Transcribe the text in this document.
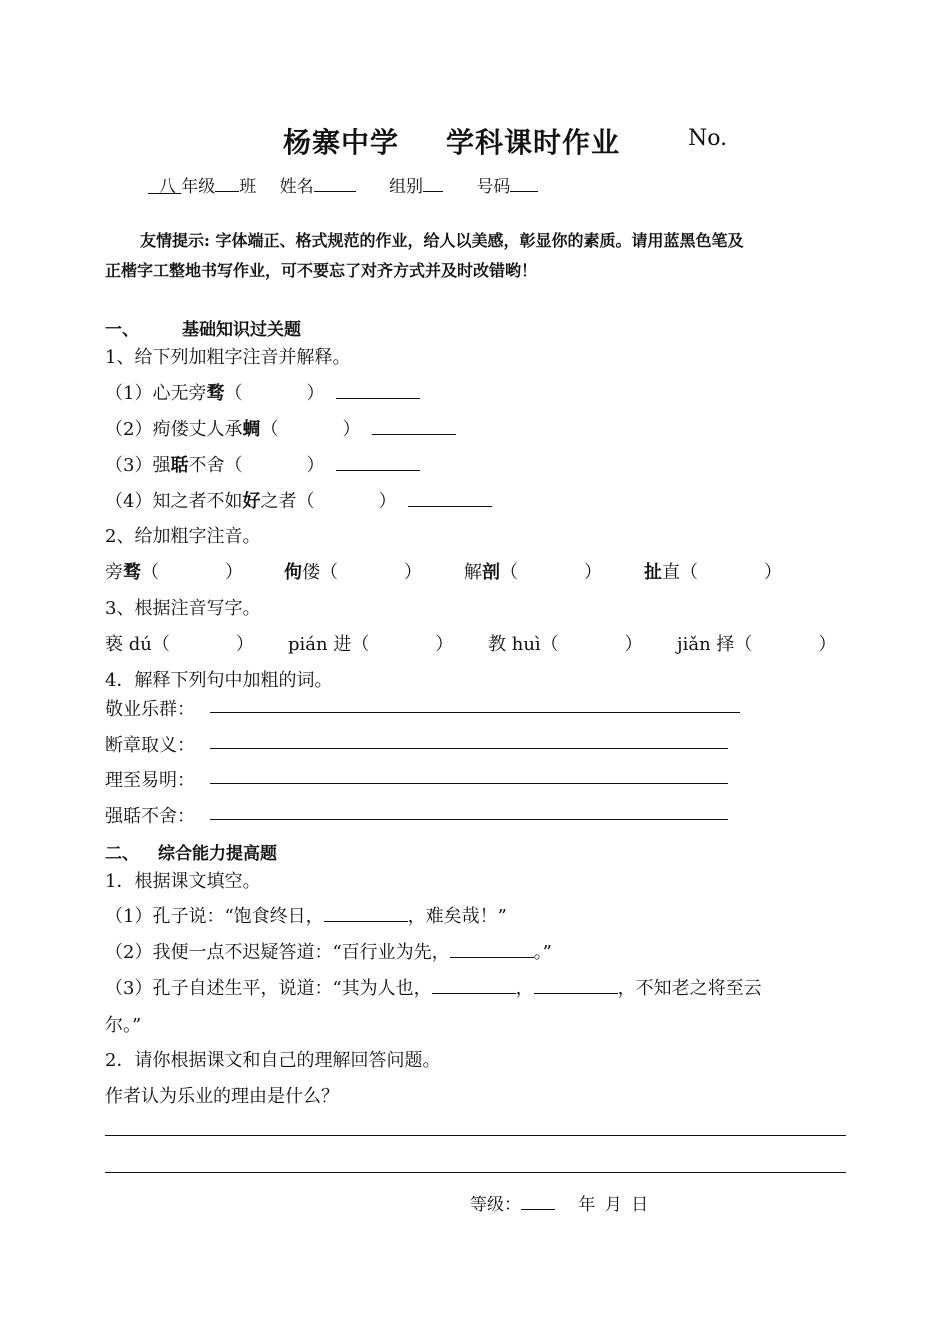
杨寨中学 学科课时作业	No.
八 年级 班 姓名	组别	号码
友情提示: 字体端正、格式规范的作业，给人以美感，彰显你的素质。请用蓝黑色笔及
正楷字工整地书写作业，可不要忘了对齐方式并及时改错哟！
一、	基础知识过关题
1、给下列加粗字注音并解释。
（1）心无旁骛（	）
（2）痀偻丈人承蜩（	）
（3）强聒不舍（	）
（4）知之者不如好之者（	）
2、给加粗字注音。
旁骛（	） 佝偻（	） 解剖（	） 扯直（	）
3、根据注音写字。
亵 dú（	） pián 进（	） 教 huì（	） jiǎn 择（	）
4．解释下列句中加粗的词。
敬业乐群：
断章取义：
理至易明：
强聒不舍：
二、 综合能力提高题
1．根据课文填空。
（1）孔子说：“饱食终日，	，难矣哉！”
（2）我便一点不迟疑答道：“百行业为先，	。”
（3）孔子自述生平，说道：“其为人也，	，	，不知老之将至云
尔。”
2．请你根据课文和自己的理解回答问题。
作者认为乐业的理由是什么？
等级：	年 月 日
